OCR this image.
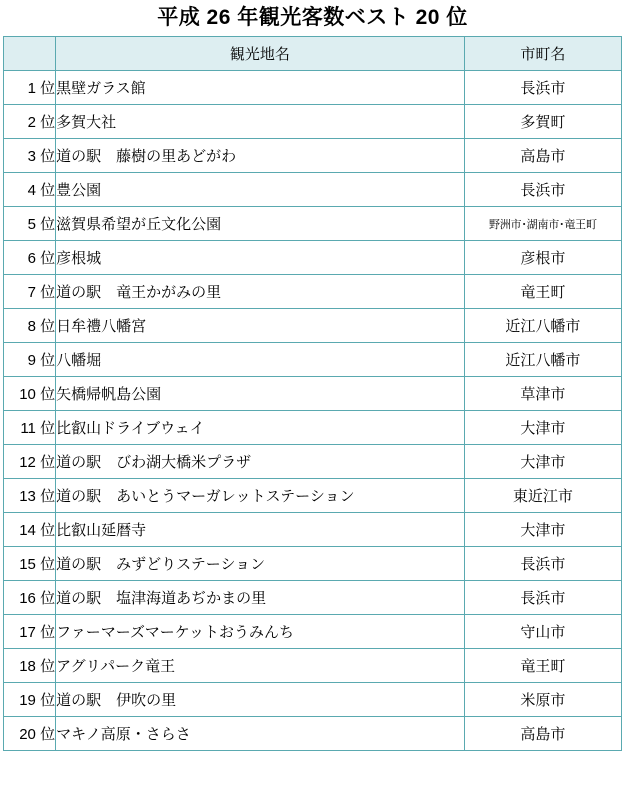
平成 26 年観光客数ベスト 20 位
	観光地名	市町名
1 位	黒壁ガラス館	長浜市
2 位	多賀大社	多賀町
3 位	道の駅　藤樹の里あどがわ	高島市
4 位	豊公園	長浜市
5 位	滋賀県希望が丘文化公園	野洲市･湖南市･竜王町
6 位	彦根城	彦根市
7 位	道の駅　竜王かがみの里	竜王町
8 位	日牟禮八幡宮	近江八幡市
9 位	八幡堀	近江八幡市
10 位	矢橋帰帆島公園	草津市
11 位	比叡山ドライブウェイ	大津市
12 位	道の駅　びわ湖大橋米プラザ	大津市
13 位	道の駅　あいとうマーガレットステーション	東近江市
14 位	比叡山延暦寺	大津市
15 位	道の駅　みずどりステーション	長浜市
16 位	道の駅　塩津海道あぢかまの里	長浜市
17 位	ファーマーズマーケットおうみんち	守山市
18 位	アグリパーク竜王	竜王町
19 位	道の駅　伊吹の里	米原市
20 位	マキノ高原・さらさ	高島市
